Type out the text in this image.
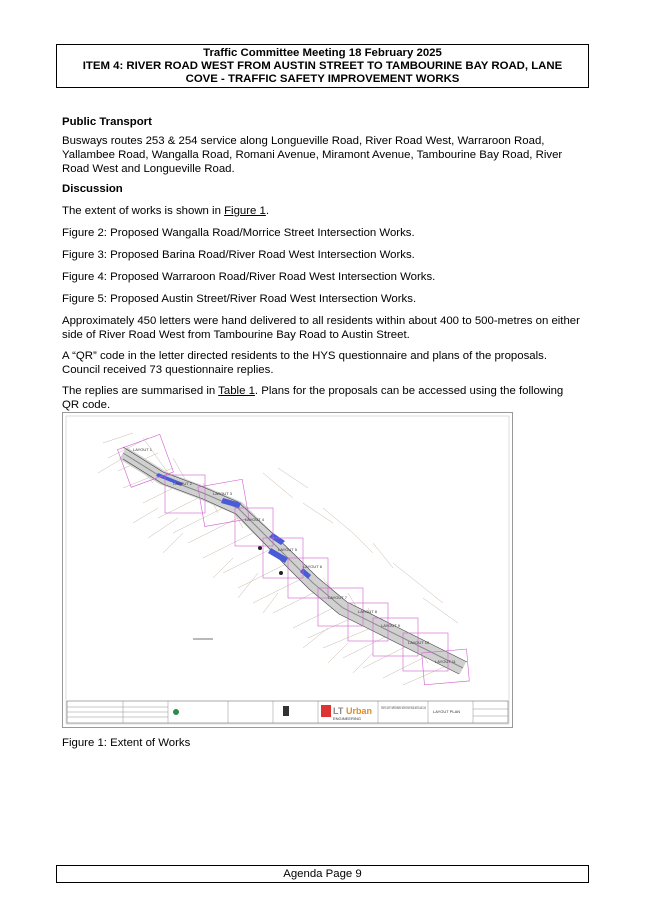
Traffic Committee Meeting 18 February 2025
ITEM 4: RIVER ROAD WEST FROM AUSTIN STREET TO TAMBOURINE BAY ROAD, LANE
COVE - TRAFFIC SAFETY IMPROVEMENT WORKS
Public Transport
Busways routes 253 & 254 service along Longueville Road, River Road West, Warraroon Road, Yallambee Road, Wangalla Road, Romani Avenue, Miramont Avenue, Tambourine Bay Road, River Road West and Longueville Road.
Discussion
The extent of works is shown in Figure 1.
Figure 2: Proposed Wangalla Road/Morrice Street Intersection Works.
Figure 3: Proposed Barina Road/River Road West Intersection Works.
Figure 4: Proposed Warraroon Road/River Road West Intersection Works.
Figure 5: Proposed Austin Street/River Road West Intersection Works.
Approximately 450 letters were hand delivered to all residents within about 400 to 500-metres on either side of River Road West from Tambourine Bay Road to Austin Street.
A “QR” code in the letter directed residents to the HYS questionnaire and plans of the proposals. Council received 73 questionnaire replies.
The replies are summarised in Table 1. Plans for the proposals can be accessed using the following QR code.
LAYOUT 1
LAYOUT 2
LAYOUT 3
LAYOUT 4
LAYOUT 5
LAYOUT 6
LAYOUT 7
LAYOUT 8
LAYOUT 9
LAYOUT 10
LAYOUT 11
LT Urban
ENGINEERING
TRAFFIC SAFETY IMPROVEMENT WORKS RIVER ROAD WEST LANE COVE
LAYOUT PLAN
Figure 1: Extent of Works
Agenda Page 9
